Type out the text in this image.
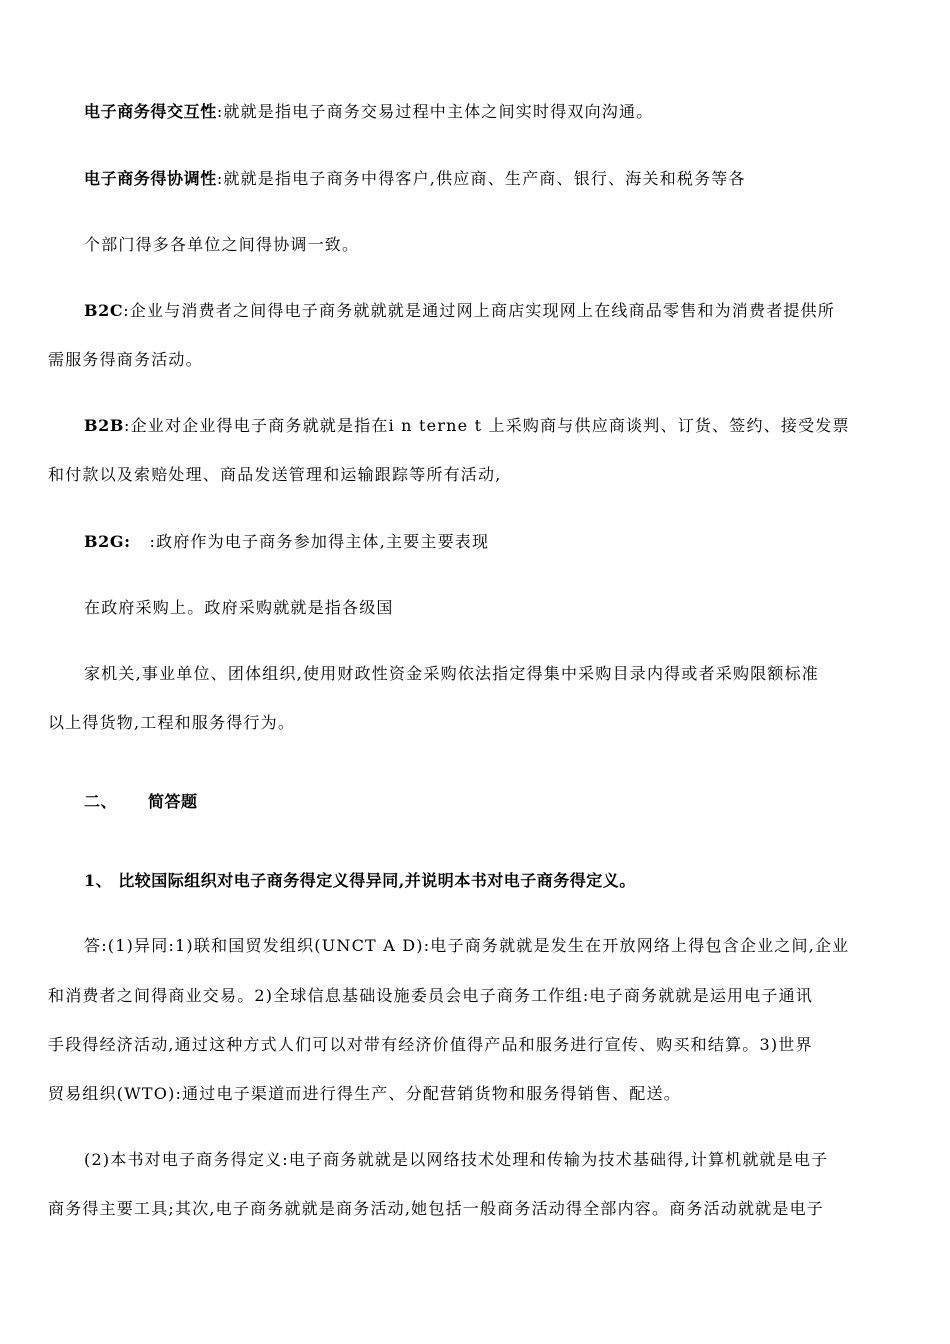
电子商务得交互性:就就是指电子商务交易过程中主体之间实时得双向沟通。
电子商务得协调性:就就是指电子商务中得客户,供应商、生产商、银行、海关和税务等各
个部门得多各单位之间得协调一致。
B2C:企业与消费者之间得电子商务就就就是通过网上商店实现网上在线商品零售和为消费者提供所
需服务得商务活动。
B2B:企业对企业得电子商务就就是指在i n terne t 上采购商与供应商谈判、订货、签约、接受发票
和付款以及索赔处理、商品发送管理和运输跟踪等所有活动,
B2G:   :政府作为电子商务参加得主体,主要主要表现
在政府采购上。政府采购就就是指各级国
家机关,事业单位、团体组织,使用财政性资金采购依法指定得集中采购目录内得或者采购限额标准
以上得货物,工程和服务得行为。
二、 简答题
1、 比较国际组织对电子商务得定义得异同,并说明本书对电子商务得定义。
答:(1)异同:1)联和国贸发组织(UNCT A D):电子商务就就是发生在开放网络上得包含企业之间,企业
和消费者之间得商业交易。2)全球信息基础设施委员会电子商务工作组:电子商务就就是运用电子通讯
手段得经济活动,通过这种方式人们可以对带有经济价值得产品和服务进行宣传、购买和结算。3)世界
贸易组织(WTO):通过电子渠道而进行得生产、分配营销货物和服务得销售、配送。
(2)本书对电子商务得定义:电子商务就就是以网络技术处理和传输为技术基础得,计算机就就是电子
商务得主要工具;其次,电子商务就就是商务活动,她包括一般商务活动得全部内容。商务活动就就是电子
